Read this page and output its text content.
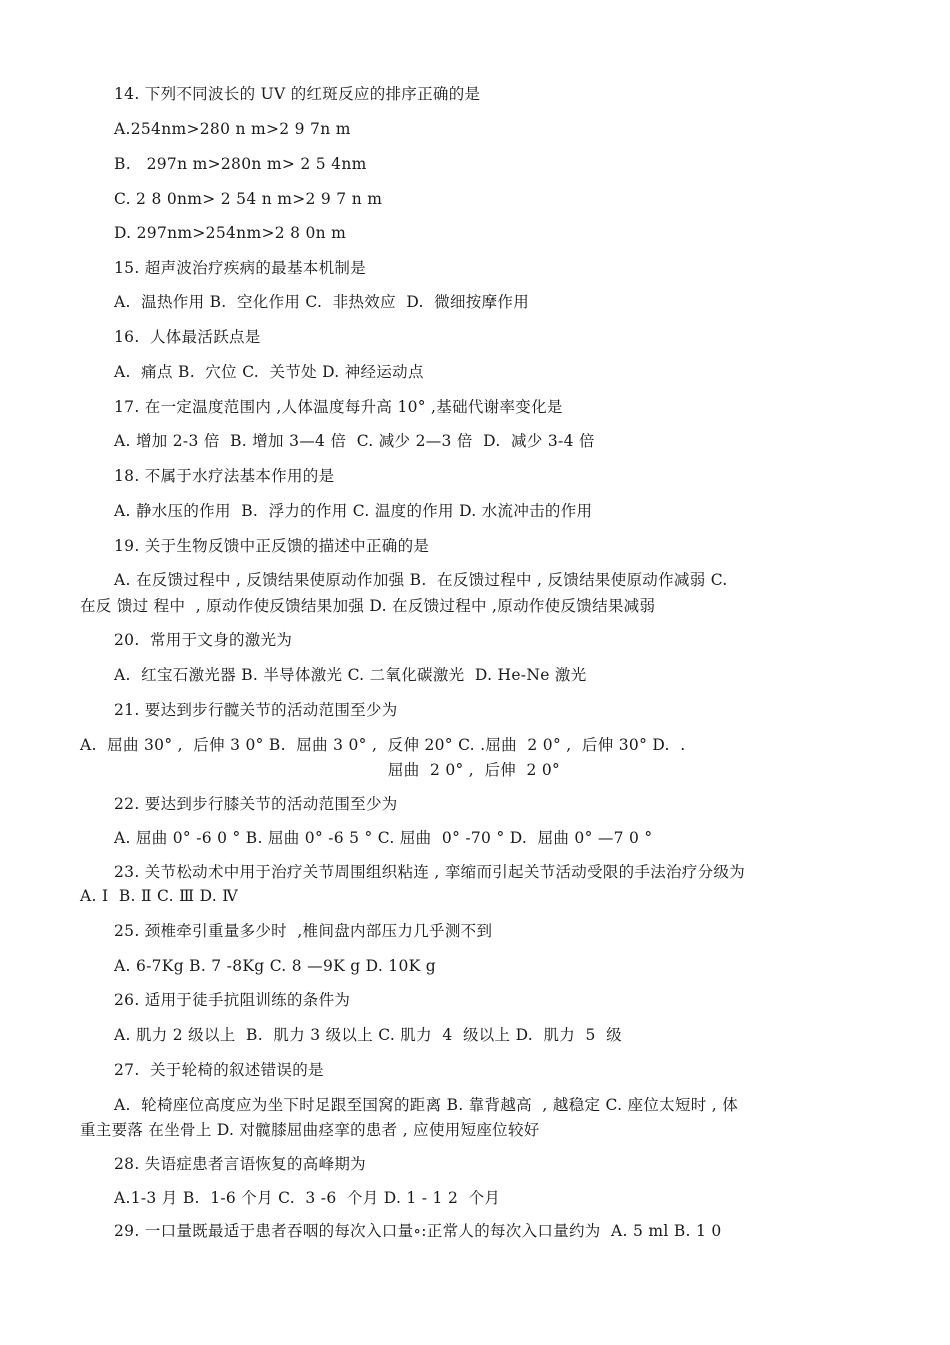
14. 下列不同波长的 UV 的红斑反应的排序正确的是
A.254nm>280 n m>2 9 7n m
B.   297n m>280n m> 2 5 4nm
C. 2 8 0nm> 2 54 n m>2 9 7 n m
D. 297nm>254nm>2 8 0n m
15. 超声波治疗疾病的最基本机制是
A.  温热作用 B.  空化作用 C.  非热效应  D.  微细按摩作用
16.  人体最活跃点是
A.  痛点 B.  穴位 C.  关节处 D. 神经运动点
17. 在一定温度范围内 ,人体温度每升高 10° ,基础代谢率变化是
A. 增加 2-3 倍  B. 增加 3—4 倍  C. 减少 2—3 倍  D.  减少 3-4 倍
18. 不属于水疗法基本作用的是
A. 静水压的作用  B.  浮力的作用 C. 温度的作用 D. 水流冲击的作用
19. 关于生物反馈中正反馈的描述中正确的是
A. 在反馈过程中 , 反馈结果使原动作加强 B.  在反馈过程中 , 反馈结果使原动作减弱 C.
在反 馈过 程中  , 原动作使反馈结果加强 D. 在反馈过程中 ,原动作使反馈结果减弱
20.  常用于文身的激光为
A.  红宝石激光器 B. 半导体激光 C. 二氧化碳激光  D. He-Ne 激光
21. 要达到步行髋关节的活动范围至少为
A.  屈曲 30° ,  后伸 3 0° B.  屈曲 3 0° ,  反伸 20° C. .屈曲  2 0° ,  后伸 30° D.  .
屈曲  2 0° ,  后伸  2 0°
22. 要达到步行膝关节的活动范围至少为
A. 屈曲 0° -6 0 ° B. 屈曲 0° -6 5 ° C. 屈曲  0° -70 ° D.  屈曲 0° —7 0 °
23. 关节松动术中用于治疗关节周围组织粘连 , 挛缩而引起关节活动受限的手法治疗分级为
A. Ⅰ  B. Ⅱ C. Ⅲ D. Ⅳ
25. 颈椎牵引重量多少时  ,椎间盘内部压力几乎测不到
A. 6-7Kg B. 7 -8Kg C. 8 —9K g D. 10K g
26. 适用于徒手抗阻训练的条件为
A. 肌力 2 级以上  B.  肌力 3 级以上 C. 肌力  4  级以上 D.  肌力  5  级
27.  关于轮椅的叙述错误的是
A.  轮椅座位高度应为坐下时足跟至国窝的距离 B. 靠背越高  , 越稳定 C. 座位太短时 , 体
重主要落 在坐骨上 D. 对髋膝屈曲痉挛的患者 , 应使用短座位较好
28. 失语症患者言语恢复的高峰期为
A.1-3 月 B.  1-6 个月 C.  3 -6  个月 D. 1 - 1 2  个月
29. 一口量既最适于患者吞咽的每次入口量∘:正常人的每次入口量约为  A. 5 ml B. 1 0
